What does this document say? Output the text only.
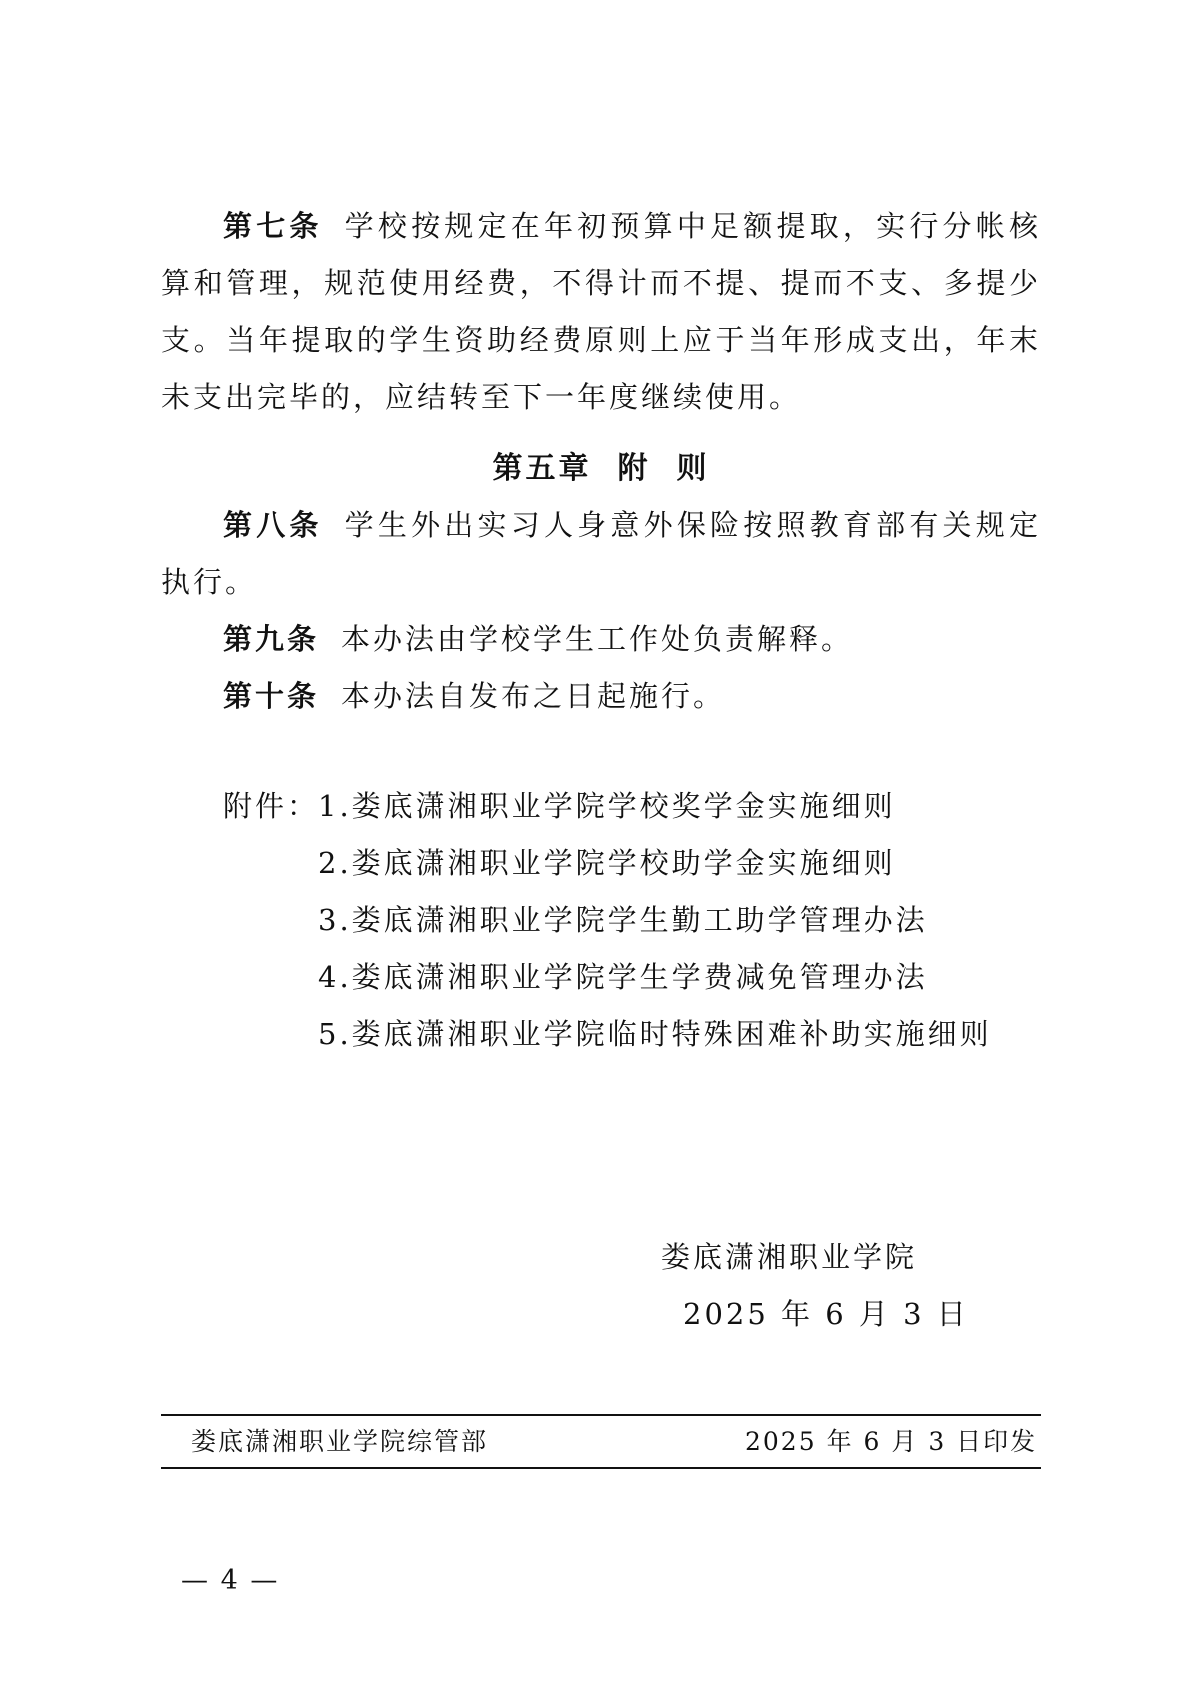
第七条 学校按规定在年初预算中足额提取，实行分帐核算和管理，规范使用经费，不得计而不提、提而不支、多提少支。当年提取的学生资助经费原则上应于当年形成支出，年末未支出完毕的，应结转至下一年度继续使用。

第五章 附 则

第八条 学生外出实习人身意外保险按照教育部有关规定执行。

第九条 本办法由学校学生工作处负责解释。

第十条 本办法自发布之日起施行。

附件：
1.娄底潇湘职业学院学校奖学金实施细则
2.娄底潇湘职业学院学校助学金实施细则
3.娄底潇湘职业学院学生勤工助学管理办法
4.娄底潇湘职业学院学生学费减免管理办法
5.娄底潇湘职业学院临时特殊困难补助实施细则
娄底潇湘职业学院
2025 年 6 月 3 日
娄底潇湘职业学院综管部	2025 年 6 月 3 日印发
— 4 —
